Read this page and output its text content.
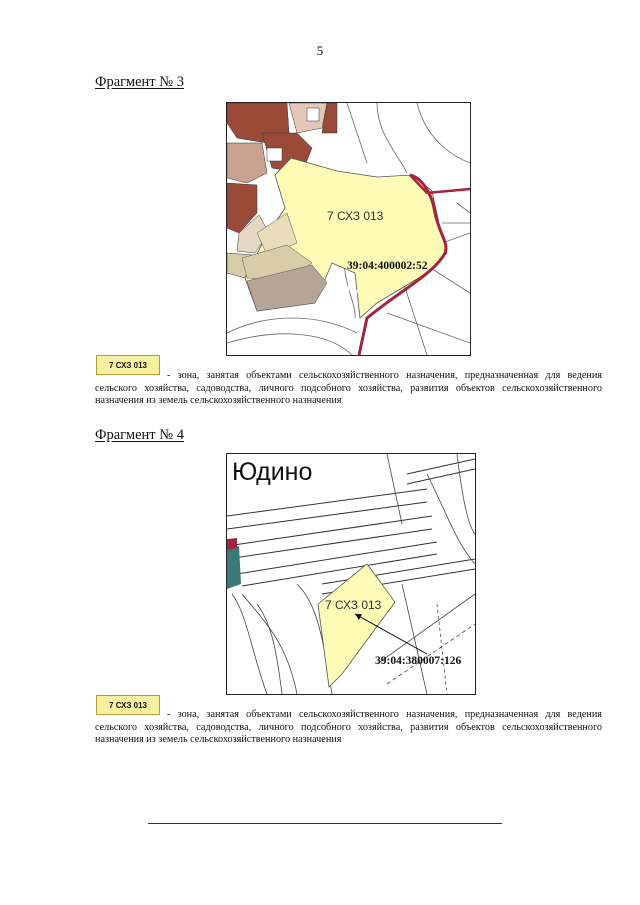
5
Фрагмент № 3
7 СХЗ 013
39:04:400002:52
7 СХЗ 013
- зона, занятая объектами сельскохозяйственного назначения, предназначенная для ведения сельского хозяйства, садоводства, личного подсобного хозяйства, развития объектов сельскохозяйственного назначения из земель сельскохозяйственного назначения
Фрагмент № 4
Юдино
7 СХЗ 013
39:04:380007:126
7 СХЗ 013
- зона, занятая объектами сельскохозяйственного назначения, предназначенная для ведения сельского хозяйства, садоводства, личного подсобного хозяйства, развития объектов сельскохозяйственного назначения из земель сельскохозяйственного назначения
